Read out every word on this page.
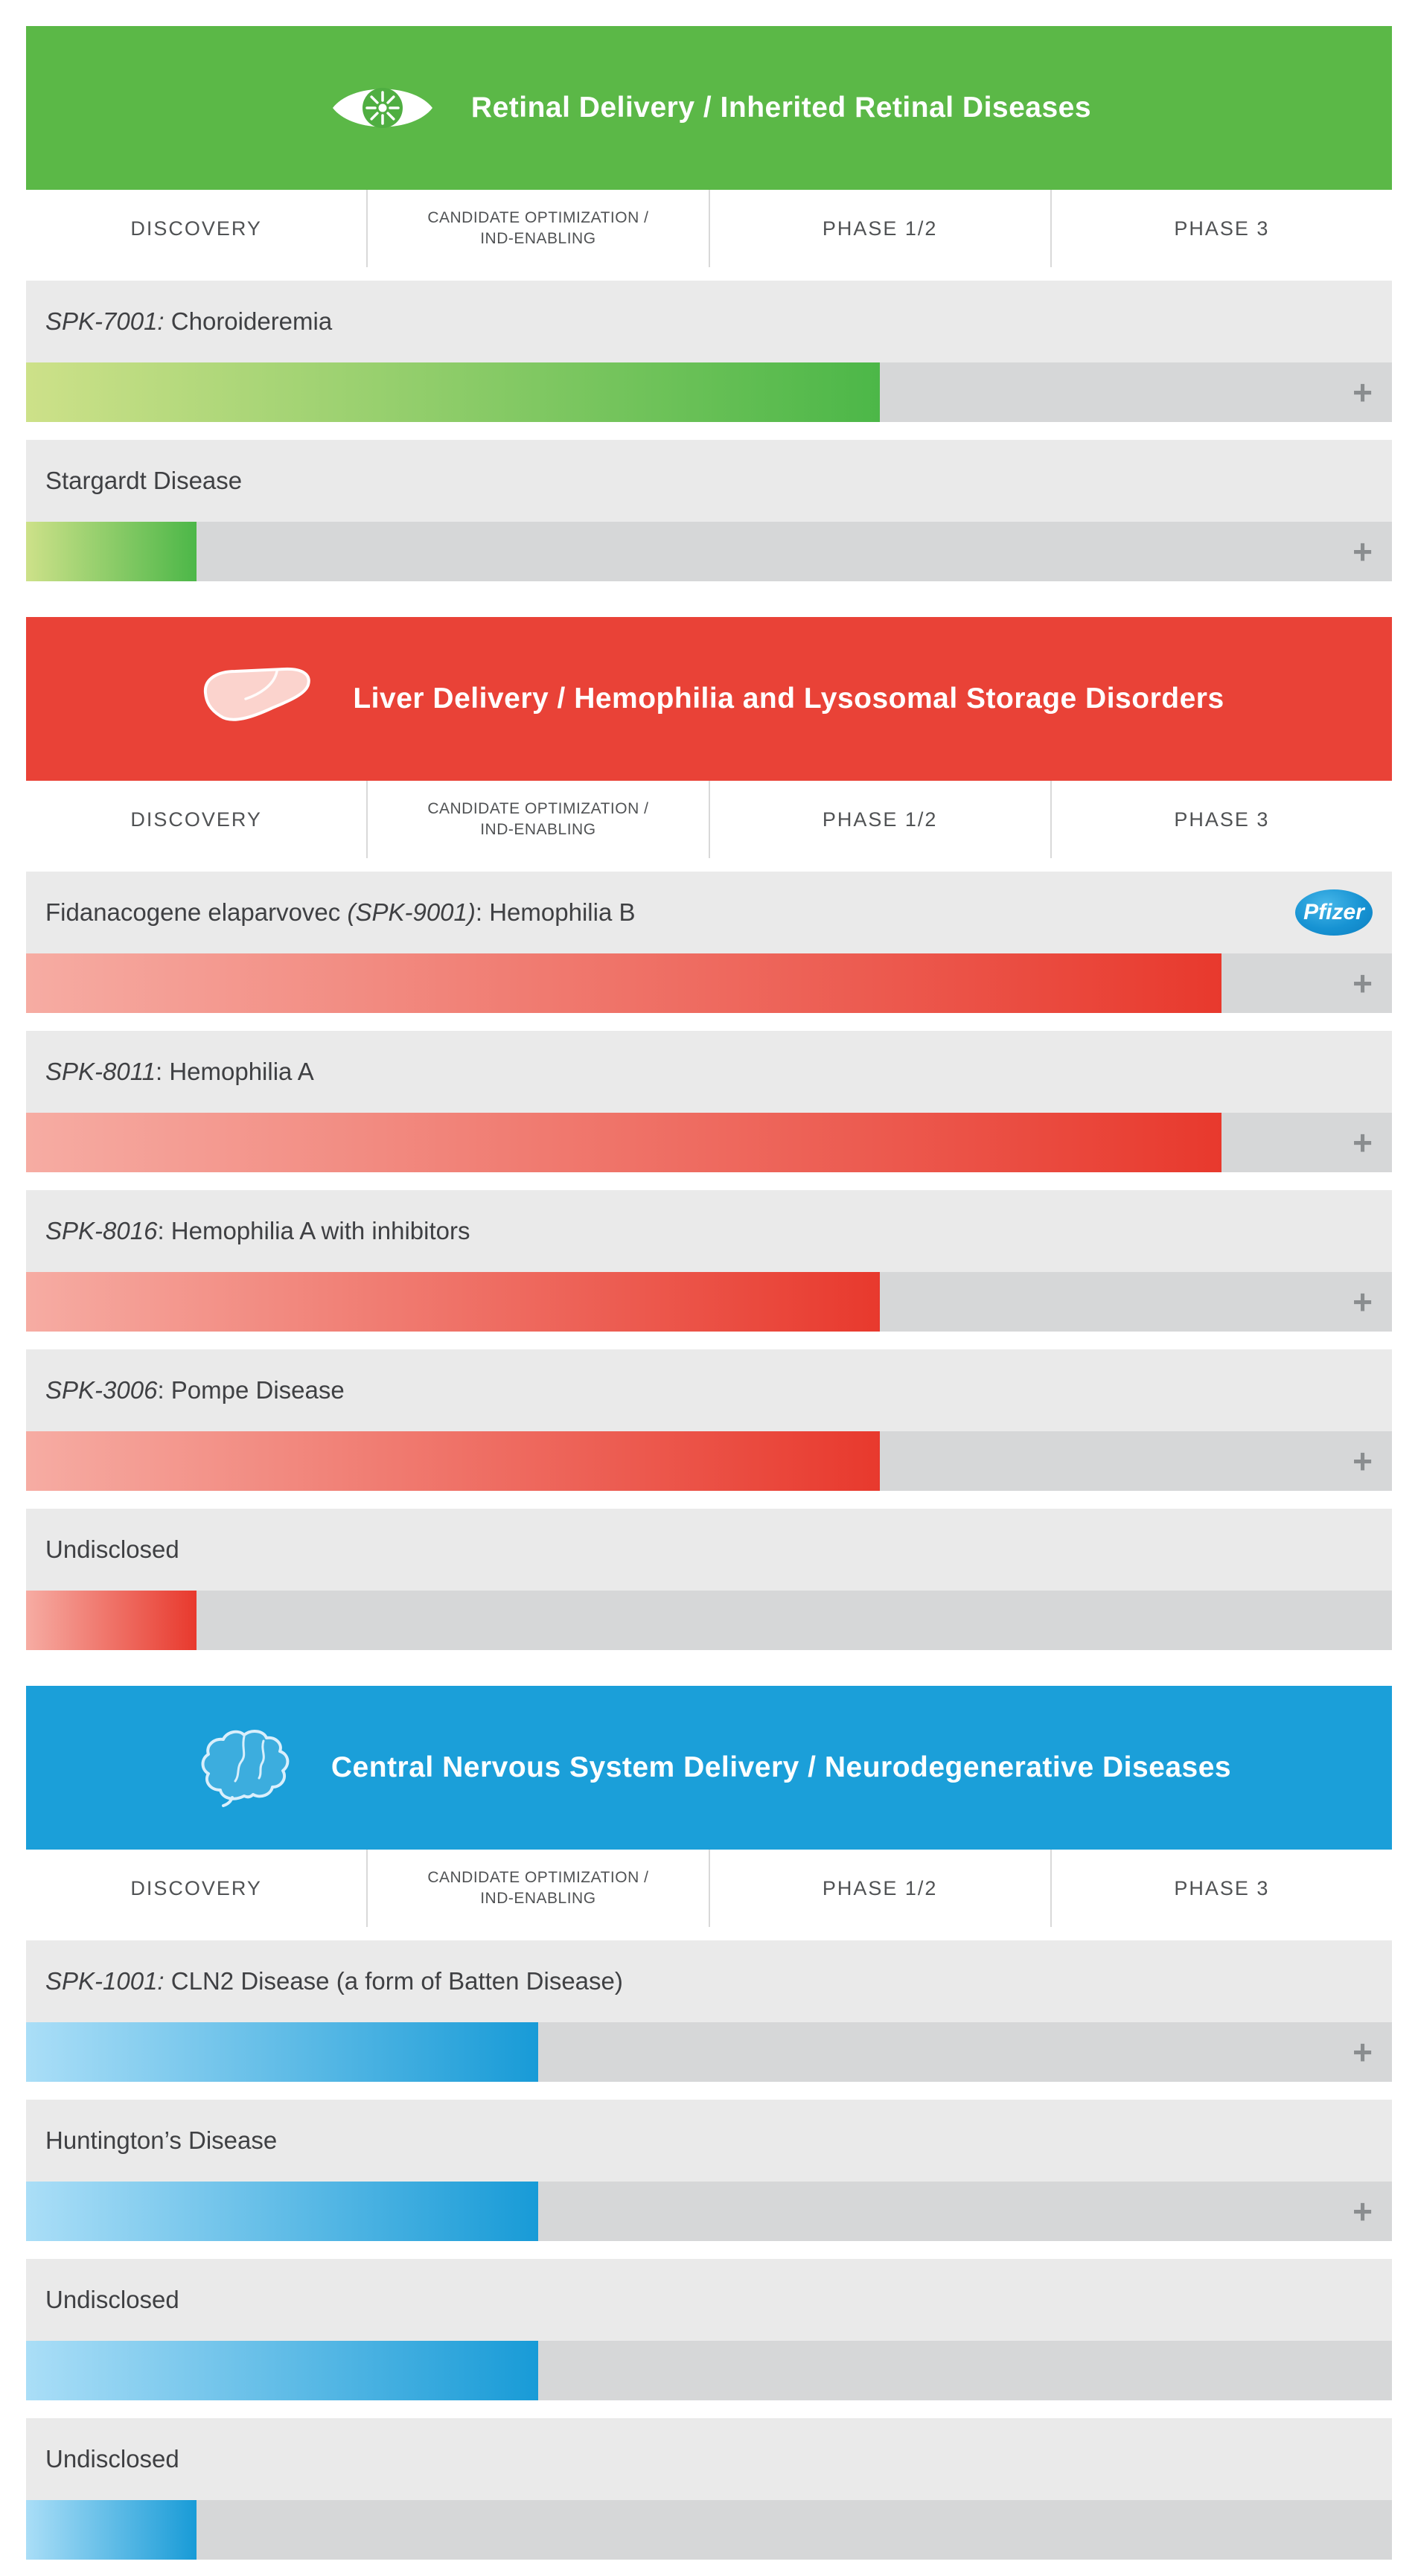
Retinal Delivery / Inherited Retinal Diseases
DISCOVERY	CANDIDATE OPTIMIZATION / IND-ENABLING	PHASE 1/2	PHASE 3
SPK-7001: Choroideremia
+
Stargardt Disease
+
Liver Delivery / Hemophilia and Lysosomal Storage Disorders
DISCOVERY	CANDIDATE OPTIMIZATION / IND-ENABLING	PHASE 1/2	PHASE 3
Fidanacogene elaparvovec (SPK-9001): Hemophilia B	Pfizer
+
SPK-8011: Hemophilia A
+
SPK-8016: Hemophilia A with inhibitors
+
SPK-3006: Pompe Disease
+
Undisclosed
Central Nervous System Delivery / Neurodegenerative Diseases
DISCOVERY	CANDIDATE OPTIMIZATION / IND-ENABLING	PHASE 1/2	PHASE 3
SPK-1001: CLN2 Disease (a form of Batten Disease)
+
Huntington’s Disease
+
Undisclosed
Undisclosed
